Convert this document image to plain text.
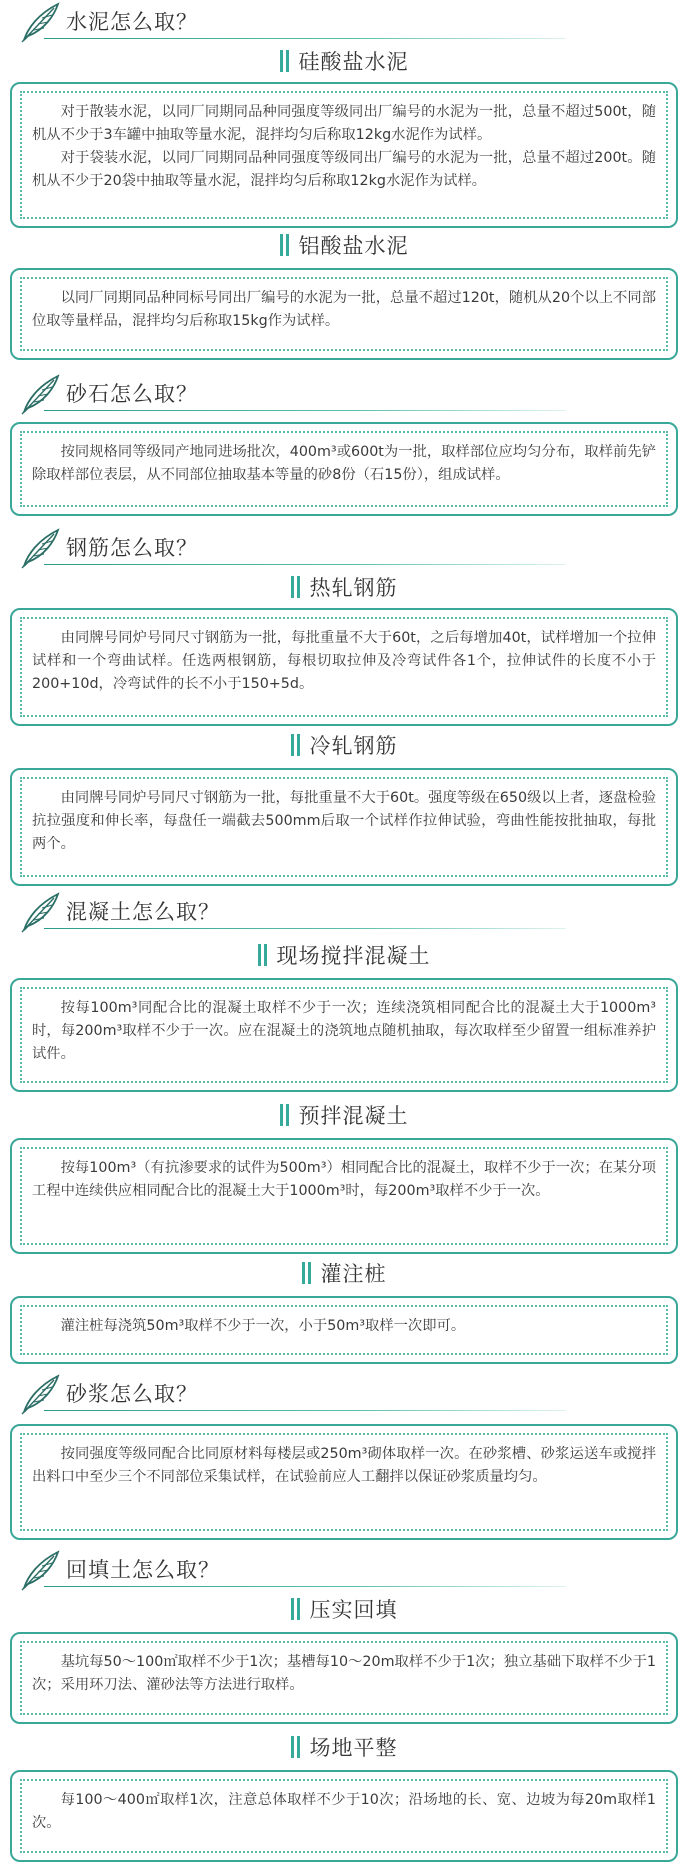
水泥怎么取？
硅酸盐水泥

对于散装水泥，以同厂同期同品种同强度等级同出厂编号的水泥为一批，总量不超过500t，随机从不少于3车罐中抽取等量水泥，混拌均匀后称取12kg水泥作为试样。

对于袋装水泥，以同厂同期同品种同强度等级同出厂编号的水泥为一批，总量不超过200t。随机从不少于20袋中抽取等量水泥，混拌均匀后称取12kg水泥作为试样。

铝酸盐水泥

以同厂同期同品种同标号同出厂编号的水泥为一批，总量不超过120t，随机从20个以上不同部位取等量样品，混拌均匀后称取15kg作为试样。

砂石怎么取？

按同规格同等级同产地同进场批次，400m³或600t为一批，取样部位应均匀分布，取样前先铲除取样部位表层，从不同部位抽取基本等量的砂8份（石15份），组成试样。

钢筋怎么取？
热轧钢筋

由同牌号同炉号同尺寸钢筋为一批，每批重量不大于60t，之后每增加40t，试样增加一个拉伸试样和一个弯曲试样。任选两根钢筋，每根切取拉伸及冷弯试件各1个，拉伸试件的长度不小于200+10d，冷弯试件的长不小于150+5d。

冷轧钢筋

由同牌号同炉号同尺寸钢筋为一批，每批重量不大于60t。强度等级在650级以上者，逐盘检验抗拉强度和伸长率，每盘任一端截去500mm后取一个试样作拉伸试验，弯曲性能按批抽取，每批两个。

混凝土怎么取？
现场搅拌混凝土

按每100m³同配合比的混凝土取样不少于一次；连续浇筑相同配合比的混凝土大于1000m³时，每200m³取样不少于一次。应在混凝土的浇筑地点随机抽取，每次取样至少留置一组标准养护试件。

预拌混凝土

按每100m³（有抗渗要求的试件为500m³）相同配合比的混凝土，取样不少于一次；在某分项工程中连续供应相同配合比的混凝土大于1000m³时，每200m³取样不少于一次。

灌注桩

灌注桩每浇筑50m³取样不少于一次，小于50m³取样一次即可。

砂浆怎么取？

按同强度等级同配合比同原材料每楼层或250m³砌体取样一次。在砂浆槽、砂浆运送车或搅拌出料口中至少三个不同部位采集试样，在试验前应人工翻拌以保证砂浆质量均匀。

回填土怎么取？
压实回填

基坑每50～100㎡取样不少于1次；基槽每10～20m取样不少于1次；独立基础下取样不少于1次；采用环刀法、灌砂法等方法进行取样。

场地平整

每100～400㎡取样1次，注意总体取样不少于10次；沿场地的长、宽、边坡为每20m取样1次。
